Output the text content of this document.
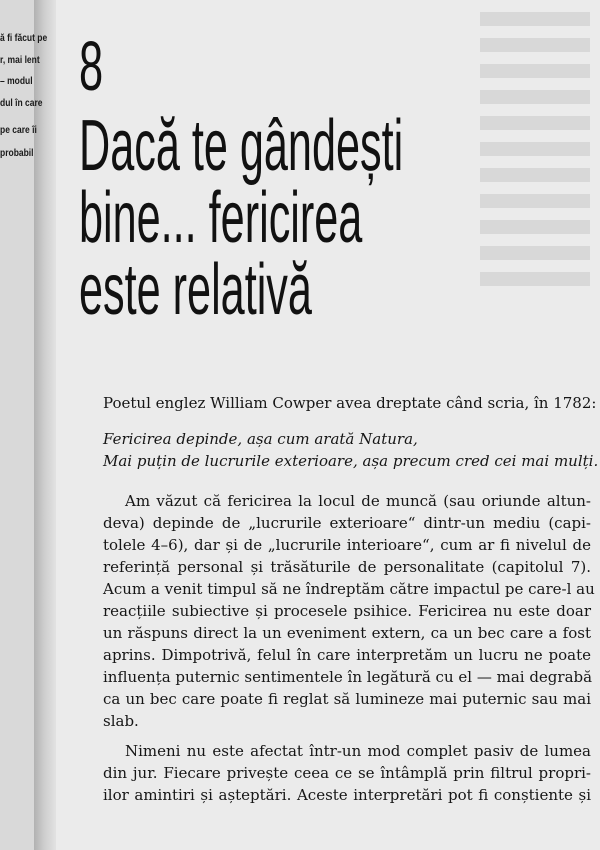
ă fi făcut pe
r, mai lent
– modul
dul în care
pe care îi
probabil
8
Dacă te gândești
bine... fericirea
este relativă

Poetul englez William Cowper avea dreptate când scria, în 1782:

Fericirea depinde, așa cum arată Natura,
Mai puțin de lucrurile exterioare, așa precum cred cei mai mulți.
Am văzut că fericirea la locul de muncă (sau oriunde altun-
deva) depinde de „lucrurile exterioare“ dintr-un mediu (capi-
tolele 4–6), dar și de „lucrurile interioare“, cum ar fi nivelul de
referință personal și trăsăturile de personalitate (capitolul 7).
Acum a venit timpul să ne îndreptăm către impactul pe care-l au
reacțiile subiective și procesele psihice. Fericirea nu este doar
un răspuns direct la un eveniment extern, ca un bec care a fost
aprins. Dimpotrivă, felul în care interpretăm un lucru ne poate
influența puternic sentimentele în legătură cu el — mai degrabă
ca un bec care poate fi reglat să lumineze mai puternic sau mai
slab.
Nimeni nu este afectat într-un mod complet pasiv de lumea
din jur. Fiecare privește ceea ce se întâmplă prin filtrul propri-
ilor amintiri și așteptări. Aceste interpretări pot fi conștiente și
